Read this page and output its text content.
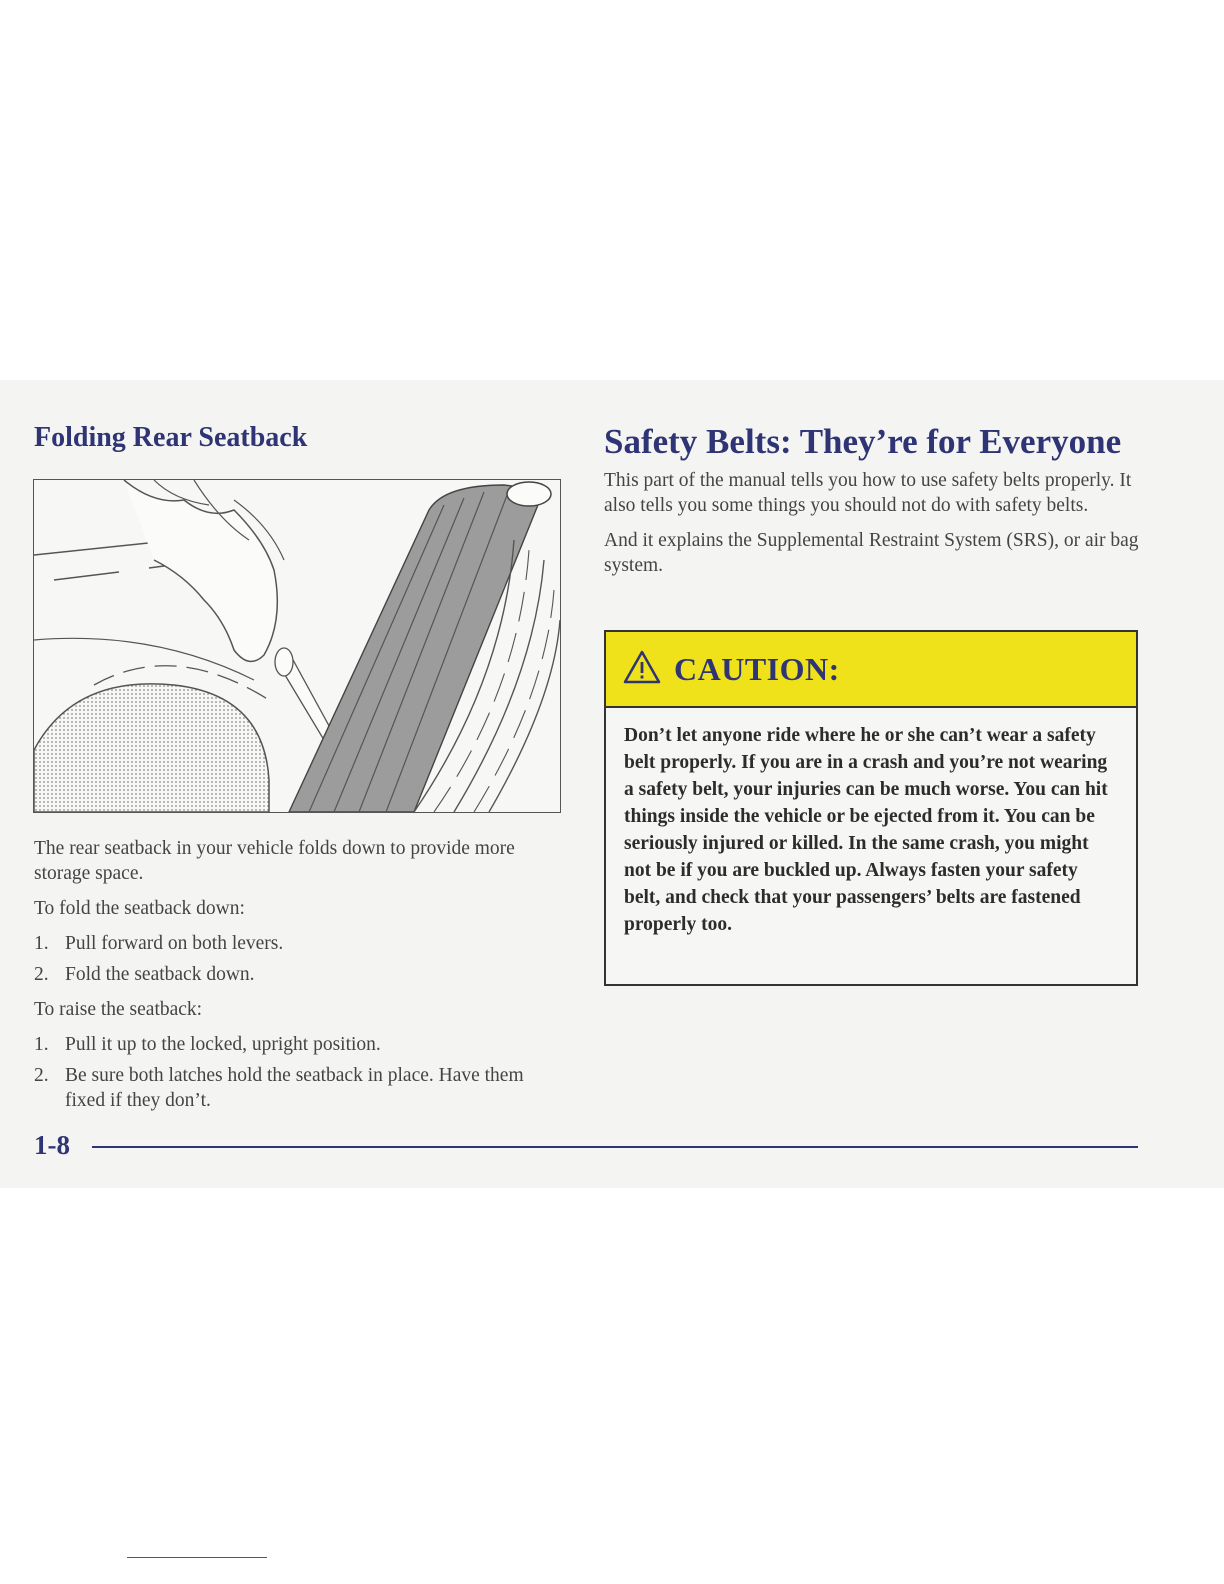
Folding Rear Seatback

The rear seatback in your vehicle folds down to provide more storage space.

To fold the seatback down:

1. Pull forward on both levers.
2. Fold the seatback down.

To raise the seatback:

1. Pull it up to the locked, upright position.
2. Be sure both latches hold the seatback in place. Have them fixed if they don’t.
Safety Belts: They’re for Everyone

This part of the manual tells you how to use safety belts properly. It also tells you some things you should not do with safety belts.

And it explains the Supplemental Restraint System (SRS), or air bag system.

CAUTION:
Don’t let anyone ride where he or she can’t wear a safety belt properly. If you are in a crash and you’re not wearing a safety belt, your injuries can be much worse. You can hit things inside the vehicle or be ejected from it. You can be seriously injured or killed. In the same crash, you might not be if you are buckled up. Always fasten your safety belt, and check that your passengers’ belts are fastened properly too.
1-8
